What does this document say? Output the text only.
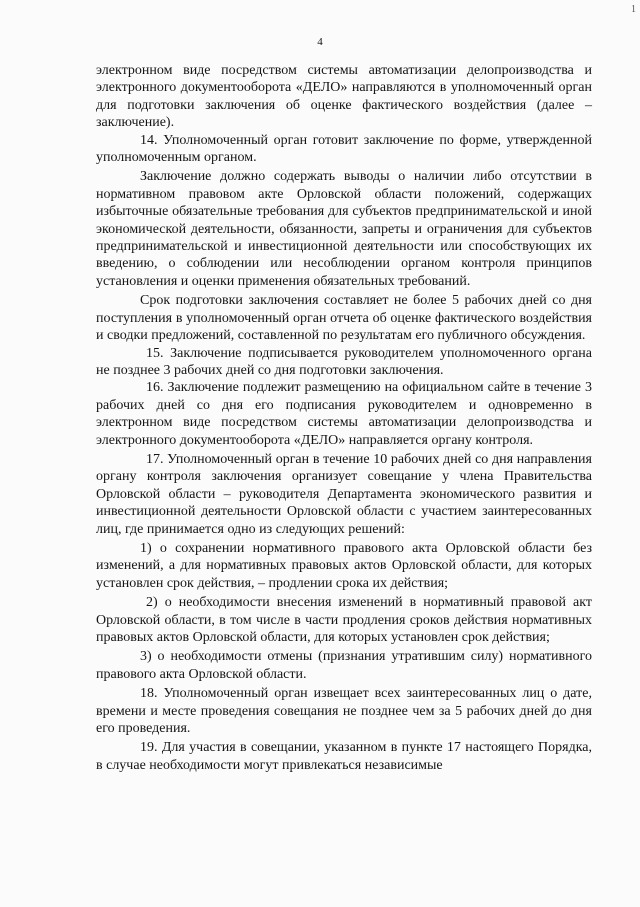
1
4

электронном виде посредством системы автоматизации делопроизводства и электронного документооборота «ДЕЛО» направляются в уполномоченный орган для подготовки заключения об оценке фактического воздействия (далее – заключение).

14. Уполномоченный орган готовит заключение по форме, утвержденной уполномоченным органом.

Заключение должно содержать выводы о наличии либо отсутствии в нормативном правовом акте Орловской области положений, содержащих избыточные обязательные требования для субъектов предпринимательской и иной экономической деятельности, обязанности, запреты и ограничения для субъектов предпринимательской и инвестиционной деятельности или способствующих их введению, о соблюдении или несоблюдении органом контроля принципов установления и оценки применения обязательных требований.

Срок подготовки заключения составляет не более 5 рабочих дней со дня поступления в уполномоченный орган отчета об оценке фактического воздействия и сводки предложений, составленной по результатам его публичного обсуждения.

15. Заключение подписывается руководителем уполномоченного органа не позднее 3 рабочих дней со дня подготовки заключения.

16. Заключение подлежит размещению на официальном сайте в течение 3 рабочих дней со дня его подписания руководителем и одновременно в электронном виде посредством системы автоматизации делопроизводства и электронного документооборота «ДЕЛО» направляется органу контроля.

17. Уполномоченный орган в течение 10 рабочих дней со дня направления органу контроля заключения организует совещание у члена Правительства Орловской области – руководителя Департамента экономического развития и инвестиционной деятельности Орловской области с участием заинтересованных лиц, где принимается одно из следующих решений:

1) о сохранении нормативного правового акта Орловской области без изменений, а для нормативных правовых актов Орловской области, для которых установлен срок действия, – продлении срока их действия;

2) о необходимости внесения изменений в нормативный правовой акт Орловской области, в том числе в части продления сроков действия нормативных правовых актов Орловской области, для которых установлен срок действия;

3) о необходимости отмены (признания утратившим силу) нормативного правового акта Орловской области.

18. Уполномоченный орган извещает всех заинтересованных лиц о дате, времени и месте проведения совещания не позднее чем за 5 рабочих дней до дня его проведения.

19. Для участия в совещании, указанном в пункте 17 настоящего Порядка, в случае необходимости могут привлекаться независимые
